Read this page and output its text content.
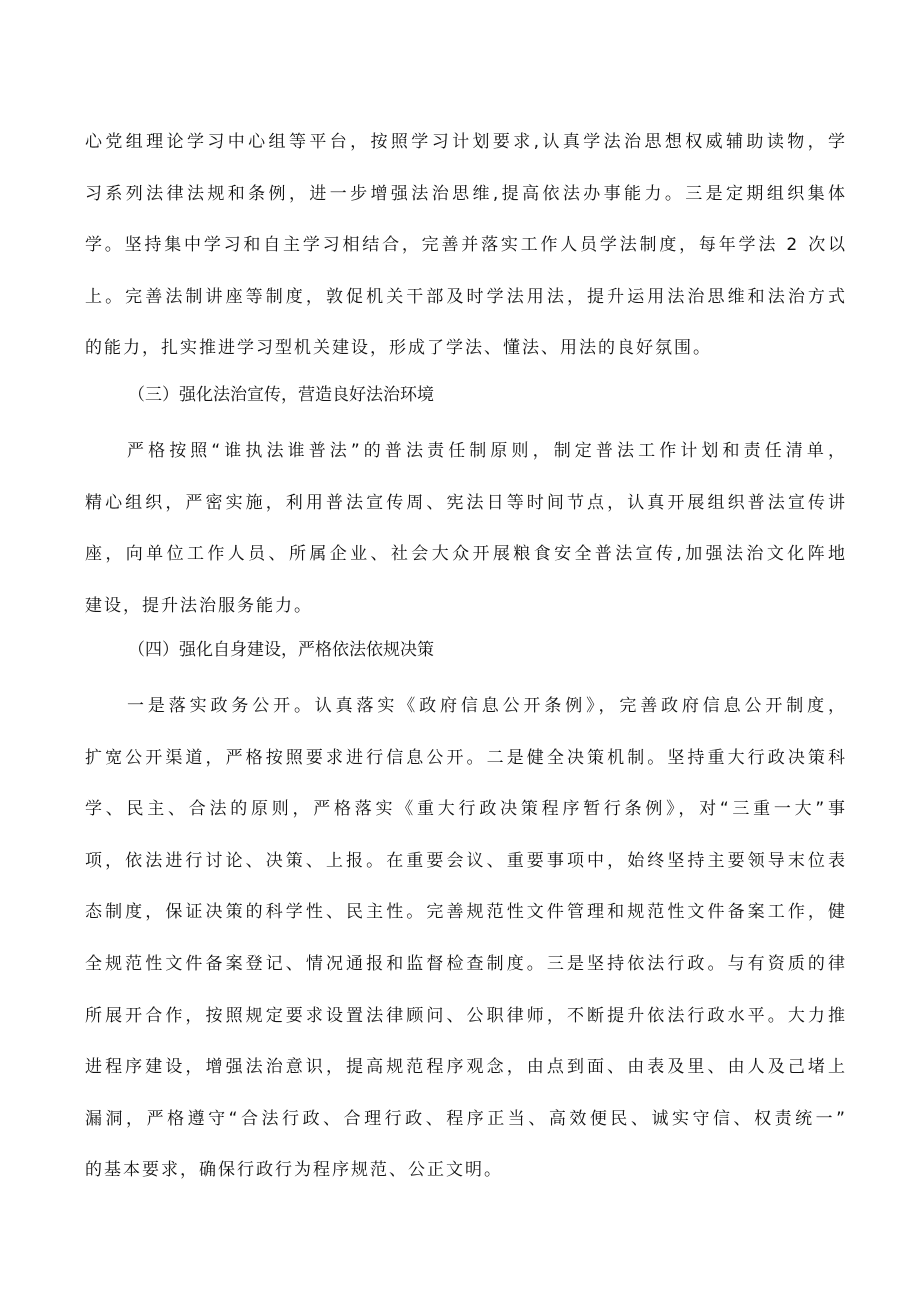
心党组理论学习中心组等平台，按照学习计划要求,认真学法治思想权威辅助读物，学
习系列法律法规和条例，进一步增强法治思维,提高依法办事能力。三是定期组织集体
学。坚持集中学习和自主学习相结合，完善并落实工作人员学法制度，每年学法 2 次以
上。完善法制讲座等制度，敦促机关干部及时学法用法，提升运用法治思维和法治方式
的能力，扎实推进学习型机关建设，形成了学法、懂法、用法的良好氛围。
（三）强化法治宣传，营造良好法治环境
严格按照“谁执法谁普法”的普法责任制原则，制定普法工作计划和责任清单，
精心组织，严密实施，利用普法宣传周、宪法日等时间节点，认真开展组织普法宣传讲
座，向单位工作人员、所属企业、社会大众开展粮食安全普法宣传,加强法治文化阵地
建设，提升法治服务能力。
（四）强化自身建设，严格依法依规决策
一是落实政务公开。认真落实《政府信息公开条例》，完善政府信息公开制度，
扩宽公开渠道，严格按照要求进行信息公开。二是健全决策机制。坚持重大行政决策科
学、民主、合法的原则，严格落实《重大行政决策程序暂行条例》，对“三重一大”事
项，依法进行讨论、决策、上报。在重要会议、重要事项中，始终坚持主要领导末位表
态制度，保证决策的科学性、民主性。完善规范性文件管理和规范性文件备案工作，健
全规范性文件备案登记、情况通报和监督检查制度。三是坚持依法行政。与有资质的律
所展开合作，按照规定要求设置法律顾问、公职律师，不断提升依法行政水平。大力推
进程序建设，增强法治意识，提高规范程序观念，由点到面、由表及里、由人及己堵上
漏洞，严格遵守“合法行政、合理行政、程序正当、高效便民、诚实守信、权责统一”
的基本要求，确保行政行为程序规范、公正文明。
